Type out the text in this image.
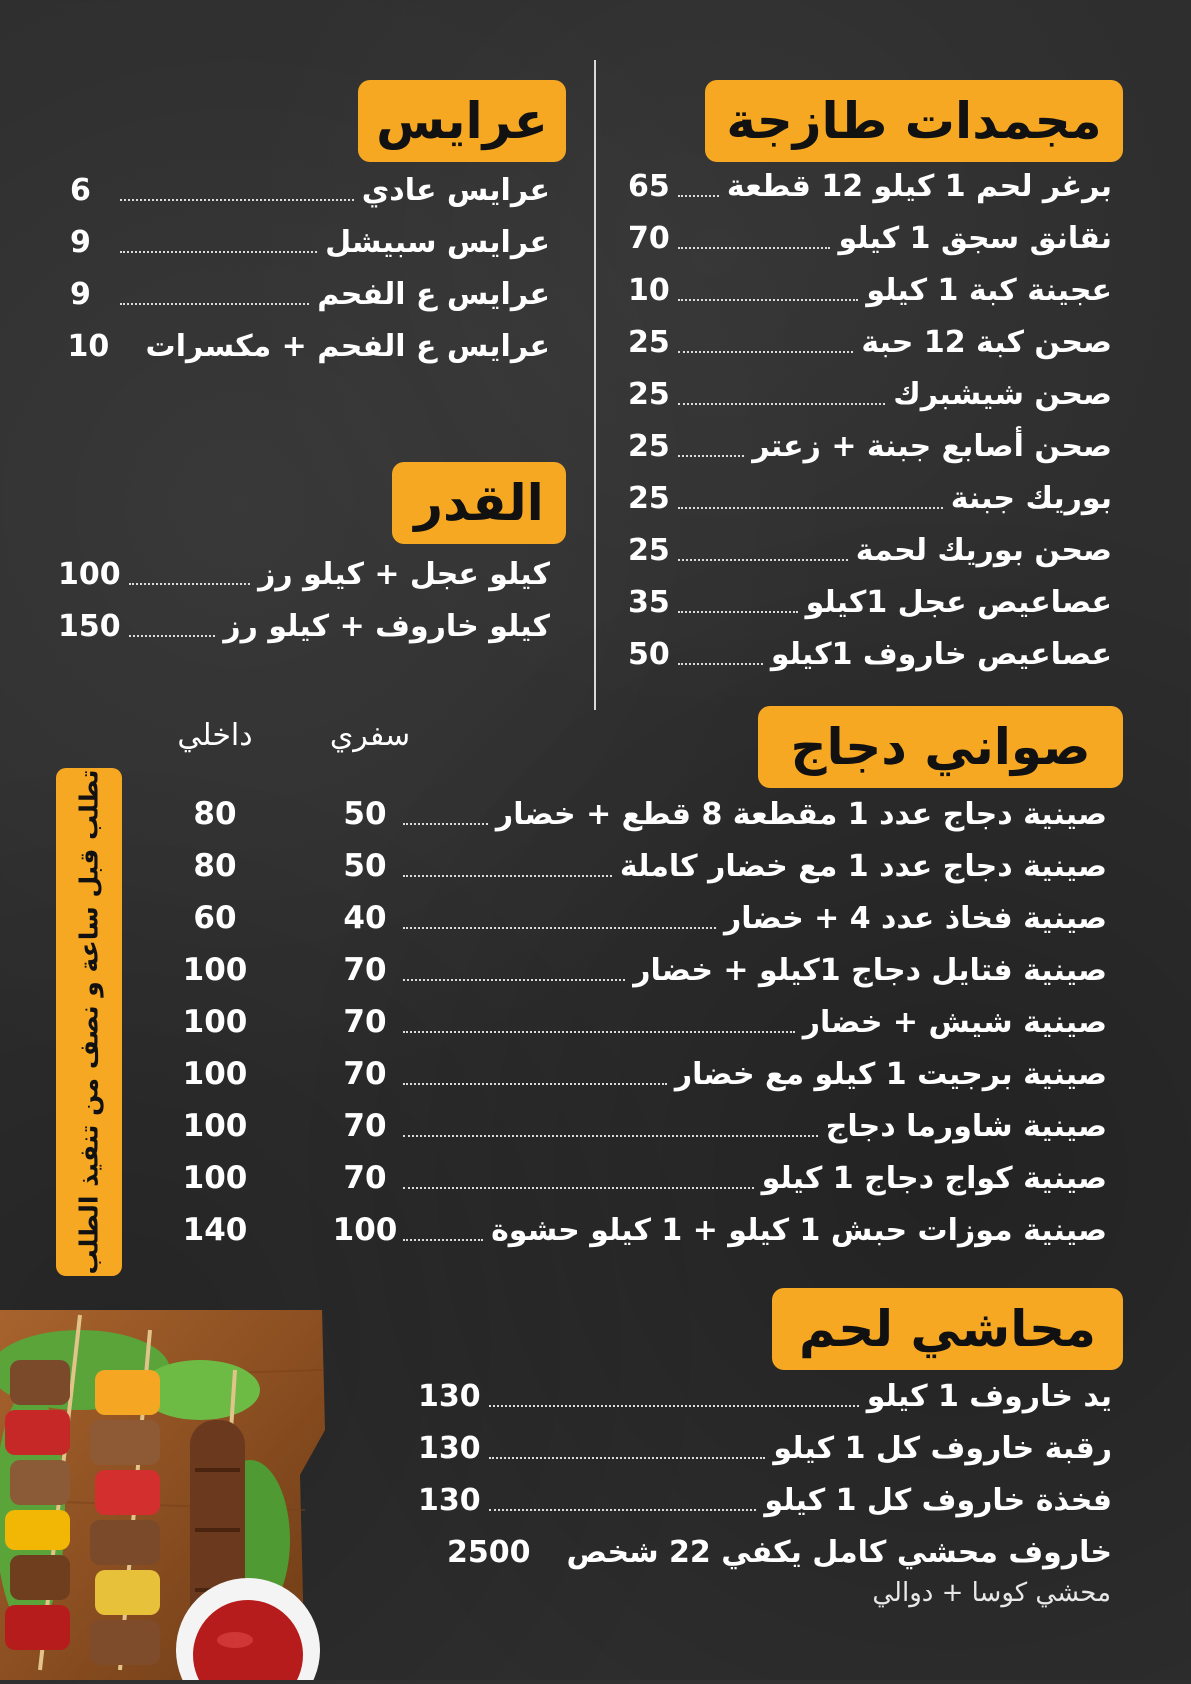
مجمدات طازجة
برغر لحم 1 كيلو 12 قطعة
65
نقانق سجق 1 كيلو
70
عجينة كبة 1 كيلو
10
صحن كبة 12 حبة
25
صحن شيشبرك
25
صحن أصابع جبنة + زعتر
25
بوريك جبنة
25
صحن بوريك لحمة
25
عصاعيص عجل 1كيلو
35
عصاعيص خاروف 1كيلو
50
عرايس
عرايس عادي
6
عرايس سبيشل
9
عرايس ع الفحم
9
عرايس ع الفحم + مكسرات
10
القدر
كيلو عجل + كيلو رز
100
كيلو خاروف + كيلو رز
150
صواني دجاج
سفري
داخلي
تطلب قبل ساعة و نصف من تنفيذ الطلب	صينية دجاج عدد 1 مقطعة 8 قطع + خضار
50
80
صينية دجاج عدد 1 مع خضار كاملة
50
80
صينية فخاذ عدد 4 + خضار
40
60
صينية فتايل دجاج 1كيلو + خضار
70
100
صينية شيش + خضار
70
100
صينية برجيت 1 كيلو مع خضار
70
100
صينية شاورما دجاج
70
100
صينية كواج دجاج 1 كيلو
70
100
صينية موزات حبش 1 كيلو + 1 كيلو حشوة
100
140
محاشي لحم
يد خاروف 1 كيلو
130
رقبة خاروف كل 1 كيلو
130
فخذة خاروف كل 1 كيلو
130
خاروف محشي كامل يكفي 22 شخص
2500
محشي كوسا + دوالي
